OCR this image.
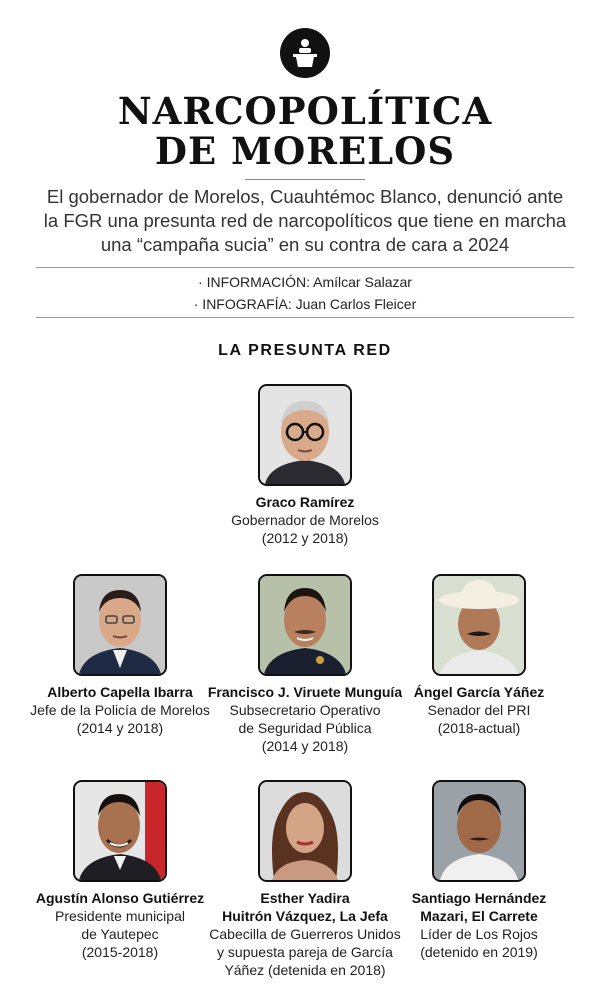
NARCOPOLÍTICA
DE MORELOS
El gobernador de Morelos, Cuauhtémoc Blanco, denunció ante
la FGR una presunta red de narcopolíticos que tiene en marcha
una “campaña sucia” en su contra de cara a 2024
· INFORMACIÓN: Amílcar Salazar
· INFOGRAFÍA: Juan Carlos Fleicer
LA PRESUNTA RED
Graco Ramírez
Gobernador de Morelos
(2012 y 2018)
Alberto Capella Ibarra
Jefe de la Policía de Morelos
(2014 y 2018)
Francisco J. Viruete Munguía
Subsecretario Operativo
de Seguridad Pública
(2014 y 2018)
Ángel García Yáñez
Senador del PRI
(2018-actual)
Agustín Alonso Gutiérrez
Presidente municipal
de Yautepec
(2015-2018)
Esther Yadira
Huitrón Vázquez, La Jefa
Cabecilla de Guerreros Unidos
y supuesta pareja de García
Yáñez (detenida en 2018)
Santiago Hernández
Mazari, El Carrete
Líder de Los Rojos
(detenido en 2019)
